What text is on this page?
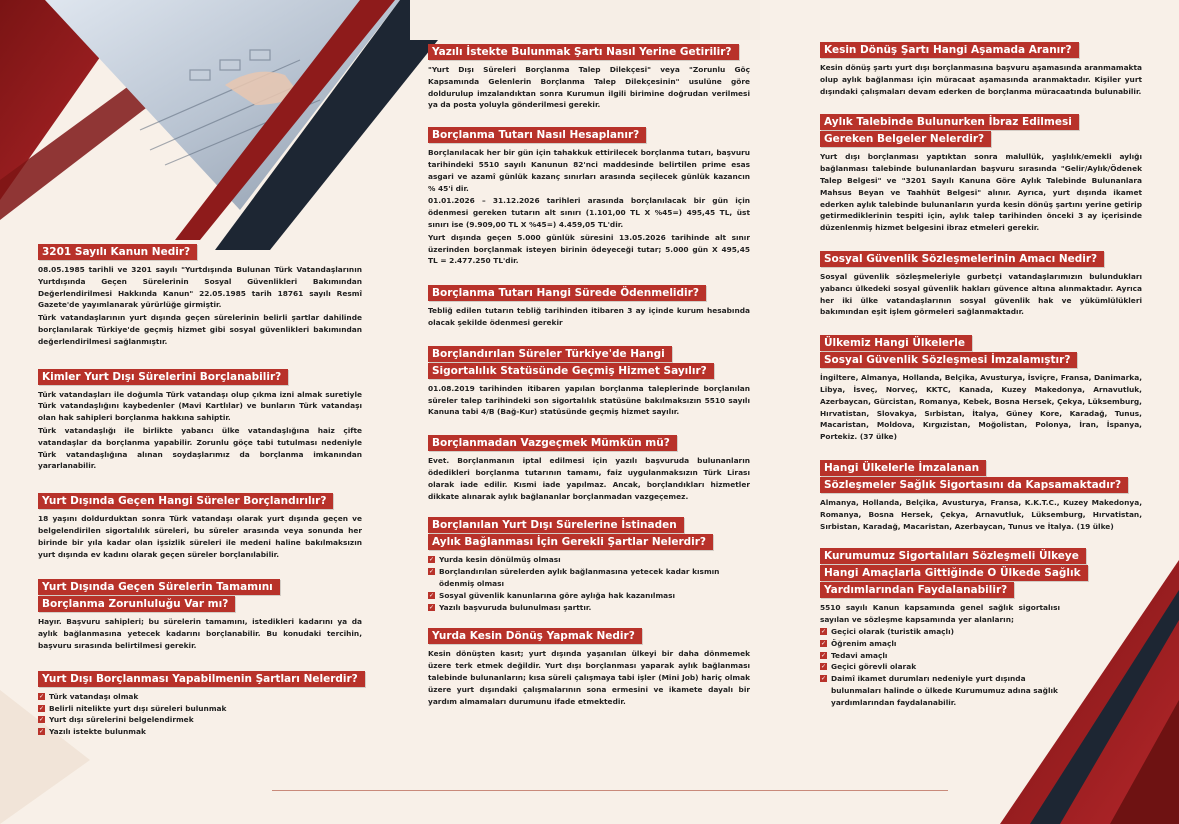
3201 Sayılı Kanun Nedir?

08.05.1985 tarihli ve 3201 sayılı "Yurtdışında Bulunan Türk Vatandaşlarının Yurtdışında Geçen Sürelerinin Sosyal Güvenlikleri Bakımından Değerlendirilmesi Hakkında Kanun" 22.05.1985 tarih 18761 sayılı Resmî Gazete'de yayımlanarak yürürlüğe girmiştir.

Türk vatandaşlarının yurt dışında geçen sürelerinin belirli şartlar dahilinde borçlanılarak Türkiye'de geçmiş hizmet gibi sosyal güvenlikleri bakımından değerlendirilmesi sağlanmıştır.

Kimler Yurt Dışı Sürelerini Borçlanabilir?

Türk vatandaşları ile doğumla Türk vatandaşı olup çıkma izni almak suretiyle Türk vatandaşlığını kaybedenler (Mavi Kartlılar) ve bunların Türk vatandaşı olan hak sahipleri borçlanma hakkına sahiptir.

Türk vatandaşlığı ile birlikte yabancı ülke vatandaşlığına haiz çifte vatandaşlar da borçlanma yapabilir. Zorunlu göçe tabi tutulması nedeniyle Türk vatandaşlığına alınan soydaşlarımız da borçlanma imkanından yararlanabilir.

Yurt Dışında Geçen Hangi Süreler Borçlandırılır?

18 yaşını doldurduktan sonra Türk vatandaşı olarak yurt dışında geçen ve belgelendirilen sigortalılık süreleri, bu süreler arasında veya sonunda her birinde bir yıla kadar olan işsizlik süreleri ile medeni haline bakılmaksızın yurt dışında ev kadını olarak geçen süreler borçlanılabilir.

Yurt Dışında Geçen Sürelerin Tamamını
Borçlanma Zorunluluğu Var mı?

Hayır. Başvuru sahipleri; bu sürelerin tamamını, istedikleri kadarını ya da aylık bağlanmasına yetecek kadarını borçlanabilir. Bu konudaki tercihin, başvuru sırasında belirtilmesi gerekir.

Yurt Dışı Borçlanması Yapabilmenin Şartları Nelerdir?
✓ Türk vatandaşı olmak
✓ Belirli nitelikte yurt dışı süreleri bulunmak
✓ Yurt dışı sürelerini belgelendirmek
✓ Yazılı istekte bulunmak
Yazılı İstekte Bulunmak Şartı Nasıl Yerine Getirilir?

"Yurt Dışı Süreleri Borçlanma Talep Dilekçesi" veya "Zorunlu Göç Kapsamında Gelenlerin Borçlanma Talep Dilekçesinin" usulüne göre doldurulup imzalandıktan sonra Kurumun ilgili birimine doğrudan verilmesi ya da posta yoluyla gönderilmesi gerekir.

Borçlanma Tutarı Nasıl Hesaplanır?

Borçlanılacak her bir gün için tahakkuk ettirilecek borçlanma tutarı, başvuru tarihindeki 5510 sayılı Kanunun 82'nci maddesinde belirtilen prime esas asgari ve azamî günlük kazanç sınırları arasında seçilecek günlük kazancın % 45'i dir.

01.01.2026 – 31.12.2026 tarihleri arasında borçlanılacak bir gün için ödenmesi gereken tutarın alt sınırı (1.101,00 TL X %45=) 495,45 TL, üst sınırı ise (9.909,00 TL X %45=) 4.459,05 TL'dir.

Yurt dışında geçen 5.000 günlük süresini 13.05.2026 tarihinde alt sınır üzerinden borçlanmak isteyen birinin ödeyeceği tutar; 5.000 gün X 495,45 TL = 2.477.250 TL'dir.

Borçlanma Tutarı Hangi Sürede Ödenmelidir?

Tebliğ edilen tutarın tebliğ tarihinden itibaren 3 ay içinde kurum hesabında olacak şekilde ödenmesi gerekir

Borçlandırılan Süreler Türkiye'de Hangi
Sigortalılık Statüsünde Geçmiş Hizmet Sayılır?

01.08.2019 tarihinden itibaren yapılan borçlanma taleplerinde borçlanılan süreler talep tarihindeki son sigortalılık statüsüne bakılmaksızın 5510 sayılı Kanuna tabi 4/B (Bağ-Kur) statüsünde geçmiş hizmet sayılır.

Borçlanmadan Vazgeçmek Mümkün mü?

Evet. Borçlanmanın iptal edilmesi için yazılı başvuruda bulunanların ödedikleri borçlanma tutarının tamamı, faiz uygulanmaksızın Türk Lirası olarak iade edilir. Kısmi iade yapılmaz. Ancak, borçlandıkları hizmetler dikkate alınarak aylık bağlananlar borçlanmadan vazgeçemez.

Borçlanılan Yurt Dışı Sürelerine İstinaden
Aylık Bağlanması İçin Gerekli Şartlar Nelerdir?
✓ Yurda kesin dönülmüş olması
✓ Borçlandırılan sürelerden aylık bağlanmasına yetecek kadar kısmın ödenmiş olması
✓ Sosyal güvenlik kanunlarına göre aylığa hak kazanılması
✓ Yazılı başvuruda bulunulması şarttır.
Yurda Kesin Dönüş Yapmak Nedir?

Kesin dönüşten kasıt; yurt dışında yaşanılan ülkeyi bir daha dönmemek üzere terk etmek değildir. Yurt dışı borçlanması yaparak aylık bağlanması talebinde bulunanların; kısa süreli çalışmaya tabi işler (Mini Job) hariç olmak üzere yurt dışındaki çalışmalarının sona ermesini ve ikamete dayalı bir yardım almamaları durumunu ifade etmektedir.

Kesin Dönüş Şartı Hangi Aşamada Aranır?

Kesin dönüş şartı yurt dışı borçlanmasına başvuru aşamasında aranmamakta olup aylık bağlanması için müracaat aşamasında aranmaktadır. Kişiler yurt dışındaki çalışmaları devam ederken de borçlanma müracaatında bulunabilir.

Aylık Talebinde Bulunurken İbraz Edilmesi
Gereken Belgeler Nelerdir?

Yurt dışı borçlanması yaptıktan sonra malullük, yaşlılık/emekli aylığı bağlanması talebinde bulunanlardan başvuru sırasında "Gelir/Aylık/Ödenek Talep Belgesi" ve "3201 Sayılı Kanuna Göre Aylık Talebinde Bulunanlara Mahsus Beyan ve Taahhüt Belgesi" alınır. Ayrıca, yurt dışında ikamet ederken aylık talebinde bulunanların yurda kesin dönüş şartını yerine getirip getirmediklerinin tespiti için, aylık talep tarihinden önceki 3 ay içerisinde düzenlenmiş hizmet belgesini ibraz etmeleri gerekir.

Sosyal Güvenlik Sözleşmelerinin Amacı Nedir?

Sosyal güvenlik sözleşmeleriyle gurbetçi vatandaşlarımızın bulundukları yabancı ülkedeki sosyal güvenlik hakları güvence altına alınmaktadır. Ayrıca her iki ülke vatandaşlarının sosyal güvenlik hak ve yükümlülükleri bakımından eşit işlem görmeleri sağlanmaktadır.

Ülkemiz Hangi Ülkelerle
Sosyal Güvenlik Sözleşmesi İmzalamıştır?

İngiltere, Almanya, Hollanda, Belçika, Avusturya, İsviçre, Fransa, Danimarka, Libya, İsveç, Norveç, KKTC, Kanada, Kuzey Makedonya, Arnavutluk, Azerbaycan, Gürcistan, Romanya, Kebek, Bosna Hersek, Çekya, Lüksemburg, Hırvatistan, Slovakya, Sırbistan, İtalya, Güney Kore, Karadağ, Tunus, Macaristan, Moldova, Kırgızistan, Moğolistan, Polonya, İran, İspanya, Portekiz. (37 ülke)

Hangi Ülkelerle İmzalanan
Sözleşmeler Sağlık Sigortasını da Kapsamaktadır?

Almanya, Hollanda, Belçika, Avusturya, Fransa, K.K.T.C., Kuzey Makedonya, Romanya, Bosna Hersek, Çekya, Arnavutluk, Lüksemburg, Hırvatistan, Sırbistan, Karadağ, Macaristan, Azerbaycan, Tunus ve İtalya. (19 ülke)

Kurumumuz Sigortalıları Sözleşmeli Ülkeye
Hangi Amaçlarla Gittiğinde O Ülkede Sağlık
Yardımlarından Faydalanabilir?

5510 sayılı Kanun kapsamında genel sağlık sigortalısı sayılan ve sözleşme kapsamında yer alanların;

✓ Geçici olarak (turistik amaçlı)
✓ Öğrenim amaçlı
✓ Tedavi amaçlı
✓ Geçici görevli olarak
✓ Daimî ikamet durumları nedeniyle yurt dışında bulunmaları halinde o ülkede Kurumumuz adına sağlık yardımlarından faydalanabilir.
